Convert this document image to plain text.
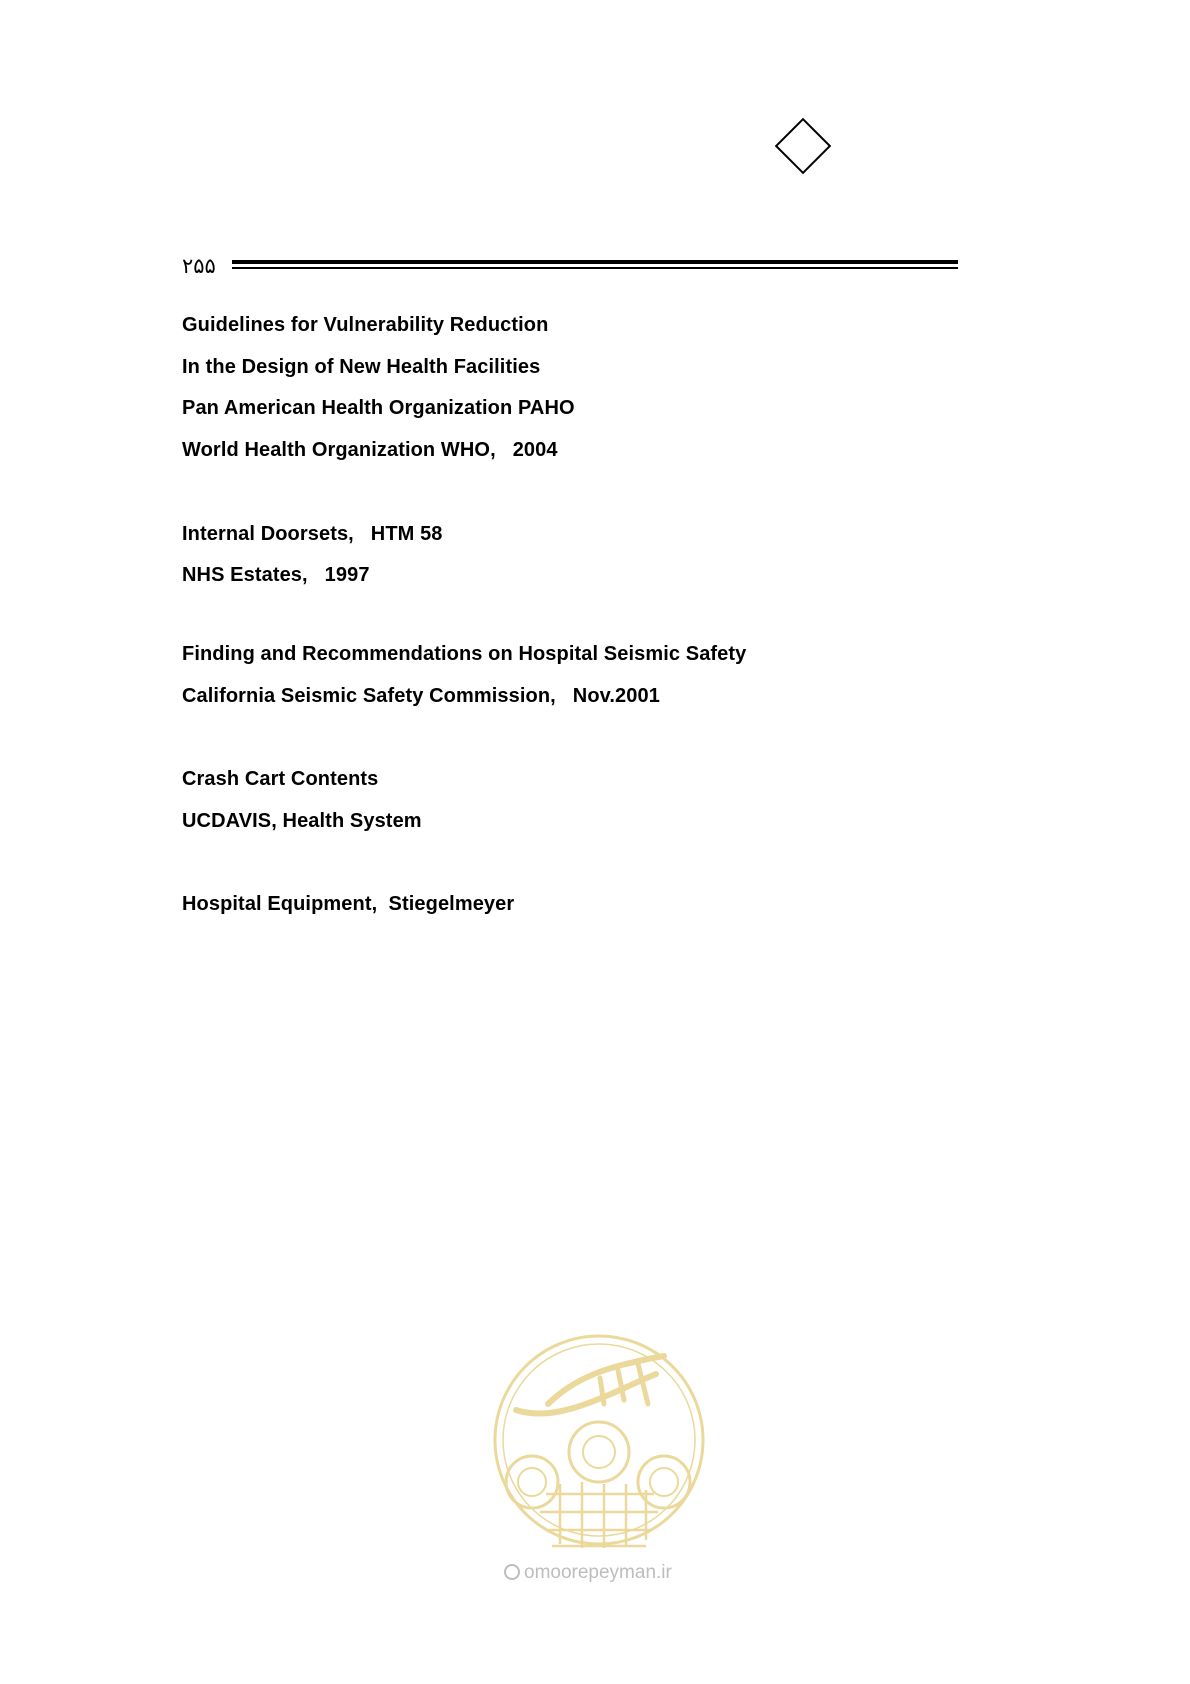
۲۵۵
Guidelines for Vulnerability Reduction
In the Design of New Health Facilities
Pan American Health Organization PAHO
World Health Organization WHO,   2004
Internal Doorsets,   HTM 58
NHS Estates,   1997
Finding and Recommendations on Hospital Seismic Safety
California Seismic Safety Commission,   Nov.2001
Crash Cart Contents
UCDAVIS, Health System
Hospital Equipment,  Stiegelmeyer
omoorepeyman.ir
